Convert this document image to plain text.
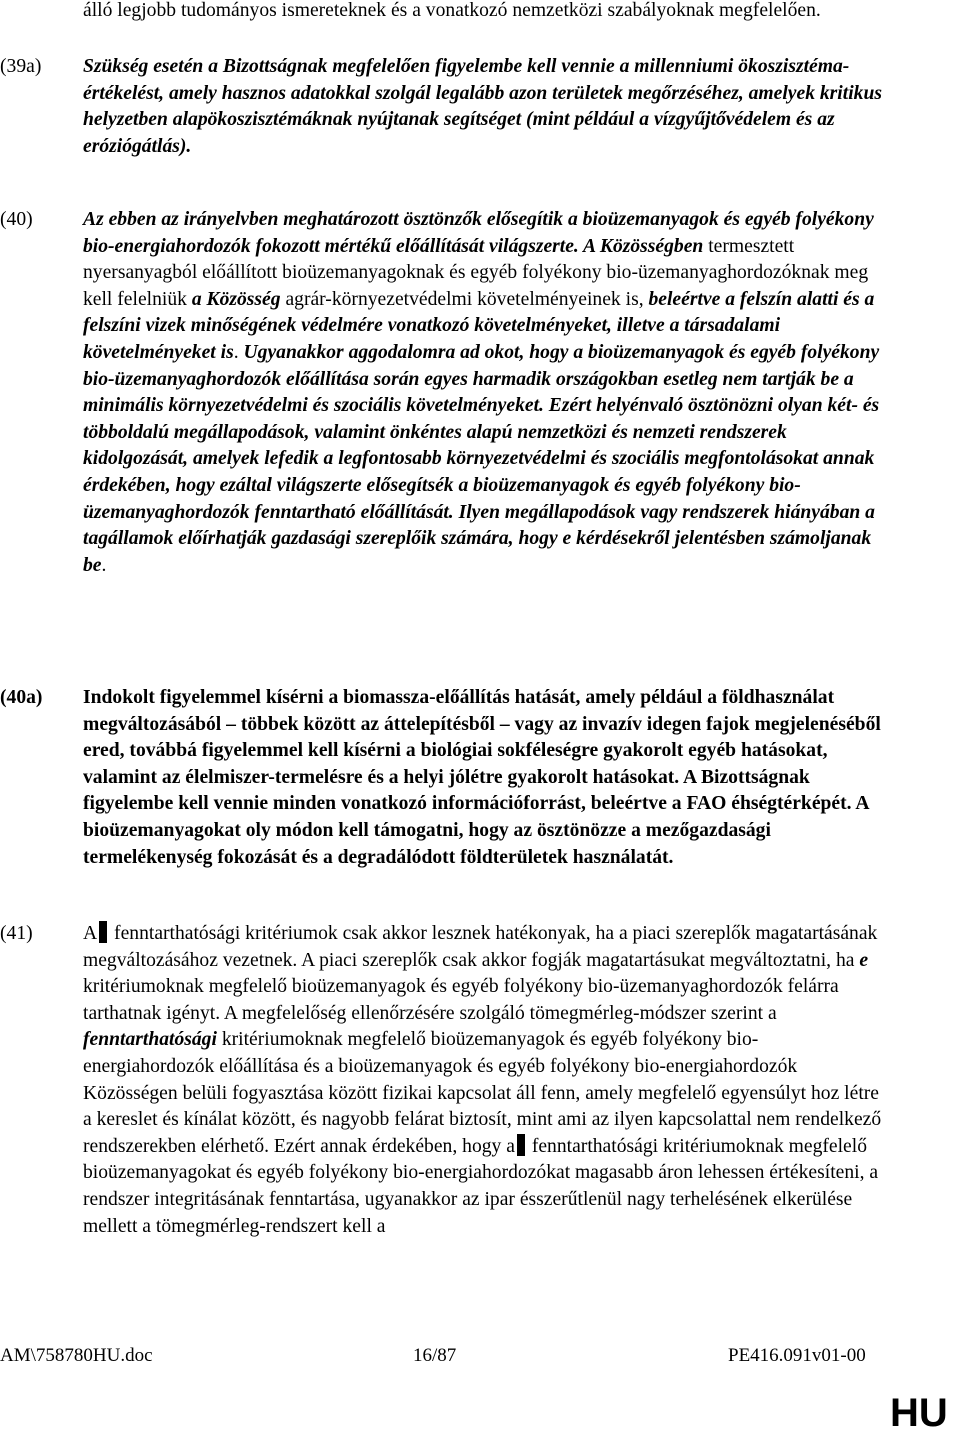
álló legjobb tudományos ismereteknek és a vonatkozó nemzetközi szabályoknak megfelelően.

(39a)	Szükség esetén a Bizottságnak megfelelően figyelembe kell vennie a millenniumi ökoszisztéma-értékelést, amely hasznos adatokkal szolgál legalább azon területek megőrzéséhez, amelyek kritikus helyzetben alapökoszisztémáknak nyújtanak segítséget (mint például a vízgyűjtővédelem és az eróziógátlás).

(40)	Az ebben az irányelvben meghatározott ösztönzők elősegítik a bioüzemanyagok és egyéb folyékony bio-energiahordozók fokozott mértékű előállítását világszerte. A Közösségben termesztett nyersanyagból előállított bioüzemanyagoknak és egyéb folyékony bio-üzemanyaghordozóknak meg kell felelniük a Közösség agrár-környezetvédelmi követelményeinek is, beleértve a felszín alatti és a felszíni vizek minőségének védelmére vonatkozó követelményeket, illetve a társadalami követelményeket is. Ugyanakkor aggodalomra ad okot, hogy a bioüzemanyagok és egyéb folyékony bio-üzemanyaghordozók előállítása során egyes harmadik országokban esetleg nem tartják be a minimális környezetvédelmi és szociális követelményeket. Ezért helyénvaló ösztönözni olyan két- és többoldalú megállapodások, valamint önkéntes alapú nemzetközi és nemzeti rendszerek kidolgozását, amelyek lefedik a legfontosabb környezetvédelmi és szociális megfontolásokat annak érdekében, hogy ezáltal világszerte elősegítsék a bioüzemanyagok és egyéb folyékony bio-üzemanyaghordozók fenntartható előállítását. Ilyen megállapodások vagy rendszerek hiányában a tagállamok előírhatják gazdasági szereplőik számára, hogy e kérdésekről jelentésben számoljanak be.

(40a)	Indokolt figyelemmel kísérni a biomassza-előállítás hatását, amely például a földhasználat megváltozásából – többek között az áttelepítésből – vagy az invazív idegen fajok megjelenéséből ered, továbbá figyelemmel kell kísérni a biológiai sokféleségre gyakorolt egyéb hatásokat, valamint az élelmiszer-termelésre és a helyi jólétre gyakorolt hatásokat. A Bizottságnak figyelembe kell vennie minden vonatkozó információforrást, beleértve a FAO éhségtérképét. A bioüzemanyagokat oly módon kell támogatni, hogy az ösztönözze a mezőgazdasági termelékenység fokozását és a degradálódott földterületek használatát.

(41)	A fenntarthatósági kritériumok csak akkor lesznek hatékonyak, ha a piaci szereplők magatartásának megváltozásához vezetnek. A piaci szereplők csak akkor fogják magatartásukat megváltoztatni, ha e kritériumoknak megfelelő bioüzemanyagok és egyéb folyékony bio-üzemanyaghordozók felárra tarthatnak igényt. A megfelelőség ellenőrzésére szolgáló tömegmérleg-módszer szerint a fenntarthatósági kritériumoknak megfelelő bioüzemanyagok és egyéb folyékony bio-energiahordozók előállítása és a bioüzemanyagok és egyéb folyékony bio-energiahordozók Közösségen belüli fogyasztása között fizikai kapcsolat áll fenn, amely megfelelő egyensúlyt hoz létre a kereslet és kínálat között, és nagyobb felárat biztosít, mint ami az ilyen kapcsolattal nem rendelkező rendszerekben elérhető. Ezért annak érdekében, hogy a fenntarthatósági kritériumoknak megfelelő bioüzemanyagokat és egyéb folyékony bio-energiahordozókat magasabb áron lehessen értékesíteni, a rendszer integritásának fenntartása, ugyanakkor az ipar ésszerűtlenül nagy terhelésének elkerülése mellett a tömegmérleg-rendszert kell a

AM\758780HU.doc	16/87	PE416.091v01-00
HU
